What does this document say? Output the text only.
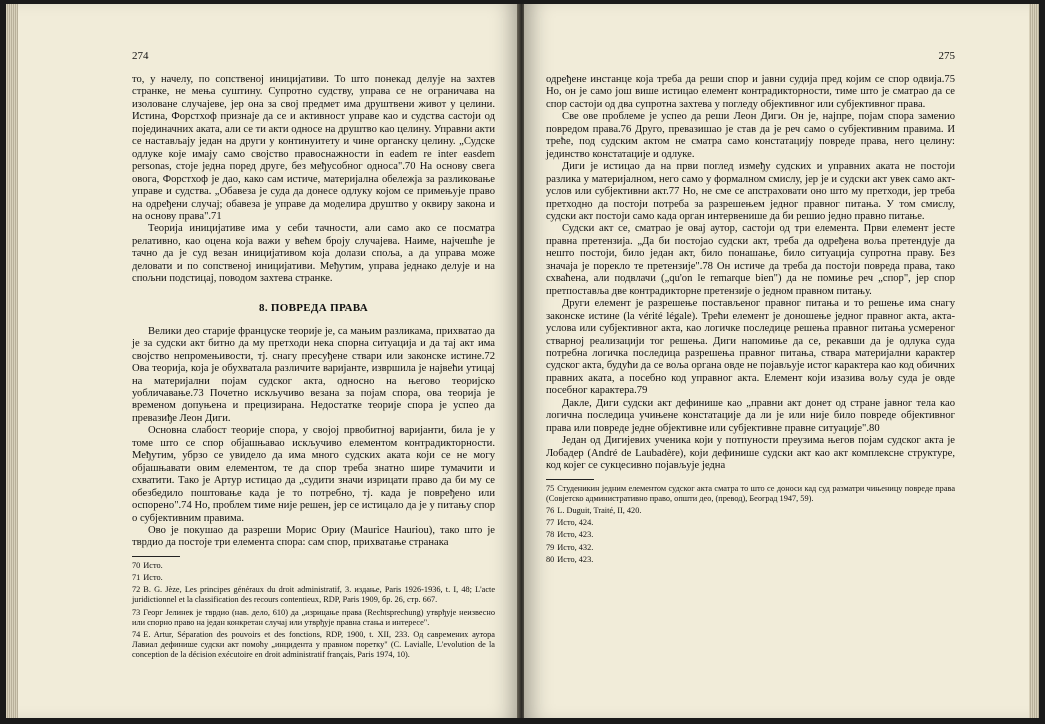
274

то, у начелу, по сопственој иницијативи. То што понекад делује на захтев странке, не мења суштину. Супротно судству, управа се не ограничава на изоловане случајеве, јер она за свој предмет има друштвени живот у целини. Истина, Форстхоф признаје да се и активност управе као и судства састоји од појединачних аката, али се ти акти односе на друштво као целину. Управни акти се настављају један на други у континуитету и чине органску целину. „Судске одлуке које имају само својство правоснажности in eadem re inter easdem personas, стоје једна поред друге, без међусобног односа".70 На основу свега овога, Форстхоф је дао, како сам истиче, материјална обележја за разликовање управе и судства. „Обавеза је суда да донесе одлуку којом се примењује право на одређени случај; обавеза је управе да моделира друштво у оквиру закона и на основу права".71

Теорија иницијативе има у себи тачности, али само ако се посматра релативно, као оцена која важи у већем броју случајева. Наиме, најчешће је тачно да је суд везан иницијативом која долази споља, а да управа може деловати и по сопственој иницијативи. Међутим, управа једнако делује и на спољни подстицај, поводом захтева странке.

8. ПОВРЕДА ПРАВА

Велики део старије француске теорије је, са мањим разликама, прихватао да је за судски акт битно да му претходи нека спорна ситуација и да тај акт има својство непромењивости, тј. снагу пресуђене ствари или законске истине.72 Ова теорија, која је обухватала различите варијанте, извршила је највећи утицај на материјални појам судског акта, односно на његово теоријско уобличавање.73 Почетно искључиво везана за појам спора, ова теорија је временом допуњена и прецизирана. Недостатке теорије спора је успео да превазиђе Леон Диги.

Основна слабост теорије спора, у својој првобитној варијанти, била је у томе што се спор објашњавао искључиво елементом контрадикторности. Међутим, убрзо се увидело да има много судских аката који се не могу објашњавати овим елементом, те да спор треба знатно шире тумачити и схватити. Тако је Артур истицао да „судити значи изрицати право да би му се обезбедило поштовање када је то потребно, тј. када је повређено или оспорено".74 Но, проблем тиме није решен, јер се истицало да је у питању спор о субјективним правима.

Ово је покушао да разреши Морис Ориу (Maurice Hauriou), тако што је тврдио да постоје три елемента спора: сам спор, прихватање странака

70 Исто.
71 Исто.
72 В. G. Jèze, Les principes généraux du droit administratif, 3. издање, Paris 1926-1936, t. I, 48; L'acte juridictionnel et la classification des recours contentieux, RDP, Paris 1909, бр. 26, стр. 667.
73 Георг Јелинек је тврдио (нав. дело, 610) да „изрицање права (Rechtsprechung) утврђује неизвесно или спорно право на један конкретан случај или утврђује правна стања и интересе".
74 E. Artur, Séparation des pouvoirs et des fonctions, RDP, 1900, t. XII, 233. Од савремених аутора Лавиал дефинише судски акт помоћу „инцидента у правном поретку" (C. Lavialle, L'evolution de la conception de la décision exécutoire en droit administratif français, Paris 1974, 10).
275

одређене инстанце која треба да реши спор и јавни судија пред којим се спор одвија.75 Но, он је само још више истицао елемент контрадикторности, тиме што је сматрао да се спор састоји од два супротна захтева у погледу објективног или субјективног права.

Све ове проблеме је успео да реши Леон Диги. Он је, најпре, појам спора заменио повредом права.76 Друго, превазишао је став да је реч само о субјективним правима. И треће, под судским актом не сматра само констатацију повреде права, него целину: јединство констатације и одлуке.

Диги је истицао да на први поглед између судских и управних аката не постоји разлика у материјалном, него само у формалном смислу, јер је и судски акт увек само акт-услов или субјективни акт.77 Но, не сме се апстраховати оно што му претходи, јер треба претходно да постоји потреба за разрешењем једног правног питања. У том смислу, судски акт постоји само када орган интервенише да би решио једно правно питање.

Судски акт се, сматрао је овај аутор, састоји од три елемента. Први елемент јесте правна претензија. „Да би постојао судски акт, треба да одређена воља претендује да нешто постоји, било један акт, било понашање, било ситуација супротна праву. Без значаја је порекло те претензије".78 Он истиче да треба да постоји повреда права, тако схваћена, али подвлачи („qu'on le remarque bien") да не помиње реч „спор", јер спор претпоставља две контрадикторне претензије о једном правном питању.

Други елемент је разрешење постављеног правног питања и то решење има снагу законске истине (la vérité légale). Трећи елемент је доношење једног правног акта, акта-услова или субјективног акта, као логичке последице решења правног питања усмереног стварној реализацији тог решења. Диги напомиње да се, рекавши да је одлука суда потребна логичка последица разрешења правног питања, ствара материјални карактер судског акта, будући да се воља органа овде не појављује истог карактера као код обичних правних аката, а посебно код управног акта. Елемент који изазива вољу суда је овде посебног карактера.79

Дакле, Диги судски акт дефинише као „правни акт донет од стране јавног тела као логична последица учињене констатације да ли је или није било повреде објективног права или повреде једне објективне или субјективне правне ситуације".80

Један од Дигијевих ученика који у потпуности преузима његов појам судског акта је Лобадер (André de Laubadère), који дефинише судски акт као акт комплексне структуре, код којег се сукцесивно појављује једна

75 Студеникин једним елементом судског акта сматра то што се доноси кад суд разматри чињеницу повреде права (Совјетско административно право, општи део, (превод), Београд 1947, 59).
76 L. Duguit, Traité, II, 420.
77 Исто, 424.
78 Исто, 423.
79 Исто, 432.
80 Исто, 423.
